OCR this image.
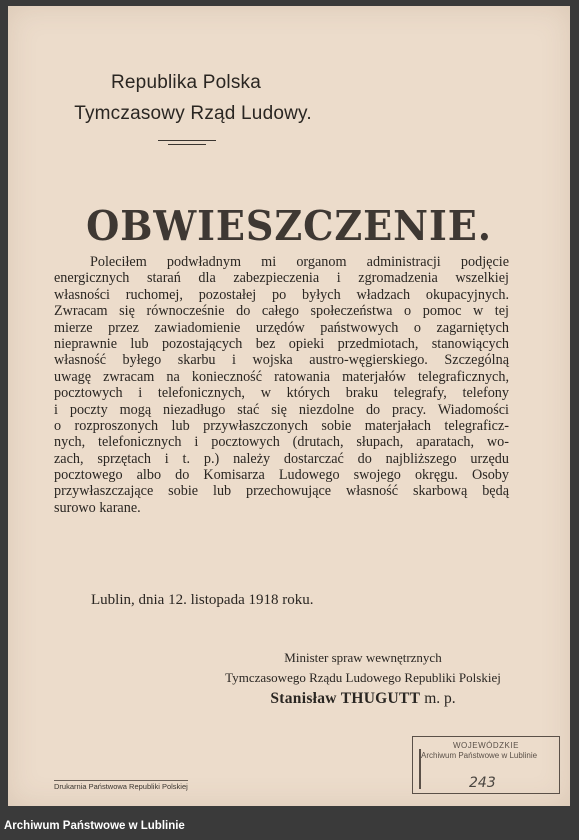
Republika Polska
Tymczasowy Rząd Ludowy.
OBWIESZCZENIE.
Poleciłem podwładnym mi organom administracji podjęcie
energicznych starań dla zabezpieczenia i zgromadzenia wszelkiej
własności ruchomej, pozostałej po byłych władzach okupacyjnych.
Zwracam się równocześnie do całego społeczeństwa o pomoc w tej
mierze przez zawiadomienie urzędów państwowych o zagarniętych
nieprawnie lub pozostających bez opieki przedmiotach, stanowiących
własność byłego skarbu i wojska austro-węgierskiego. Szczególną
uwagę zwracam na konieczność ratowania materjałów telegraficznych,
pocztowych i telefonicznych, w których braku telegrafy, telefony
i poczty mogą niezadługo stać się niezdolne do pracy. Wiadomości
o rozproszonych lub przywłaszczonych sobie materjałach telegraficz-
nych, telefonicznych i pocztowych (drutach, słupach, aparatach, wo-
zach, sprzętach i t. p.) należy dostarczać do najbliższego urzędu
pocztowego albo do Komisarza Ludowego swojego okręgu. Osoby
przywłaszczające sobie lub przechowujące własność skarbową będą
surowo karane.
Lublin, dnia 12. listopada 1918 roku.
Minister spraw wewnętrznych
Tymczasowego Rządu Ludowego Republiki Polskiej
Stanisław THUGUTT m. p.
Drukarnia Państwowa Republiki Polskiej
WOJEWÓDZKIE
Archiwum Państwowe w Lublinie
243
Archiwum Państwowe w Lublinie
